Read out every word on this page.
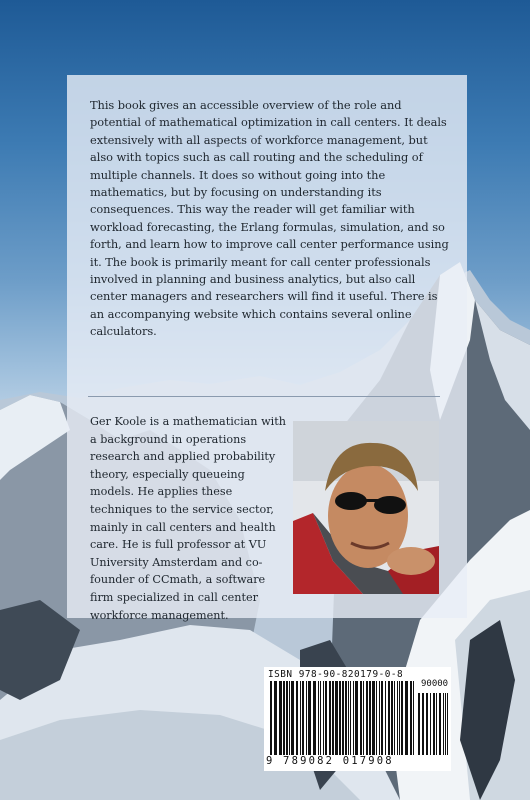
This book gives an accessible overview of the role and potential of mathematical optimization in call centers. It deals extensively with all aspects of workforce management, but also with topics such as call routing and the scheduling of multiple channels. It does so without going into the mathematics, but by focusing on understanding its consequences. This way the reader will get familiar with workload forecasting, the Erlang formulas, simulation, and so forth, and learn how to improve call center performance using it. The book is primarily meant for call center professionals involved in planning and business analytics, but also call center managers and researchers will find it useful. There is an accompanying website which contains several online calculators.

Ger Koole is a mathematician with a background in operations research and applied probability theory, especially queueing models. He applies these techniques to the service sector, mainly in call centers and health care. He is full professor at VU University Amsterdam and co-founder of CCmath, a software firm specialized in call center workforce management.

ISBN 978-90-820179-0-8
90000
9 789082 017908
